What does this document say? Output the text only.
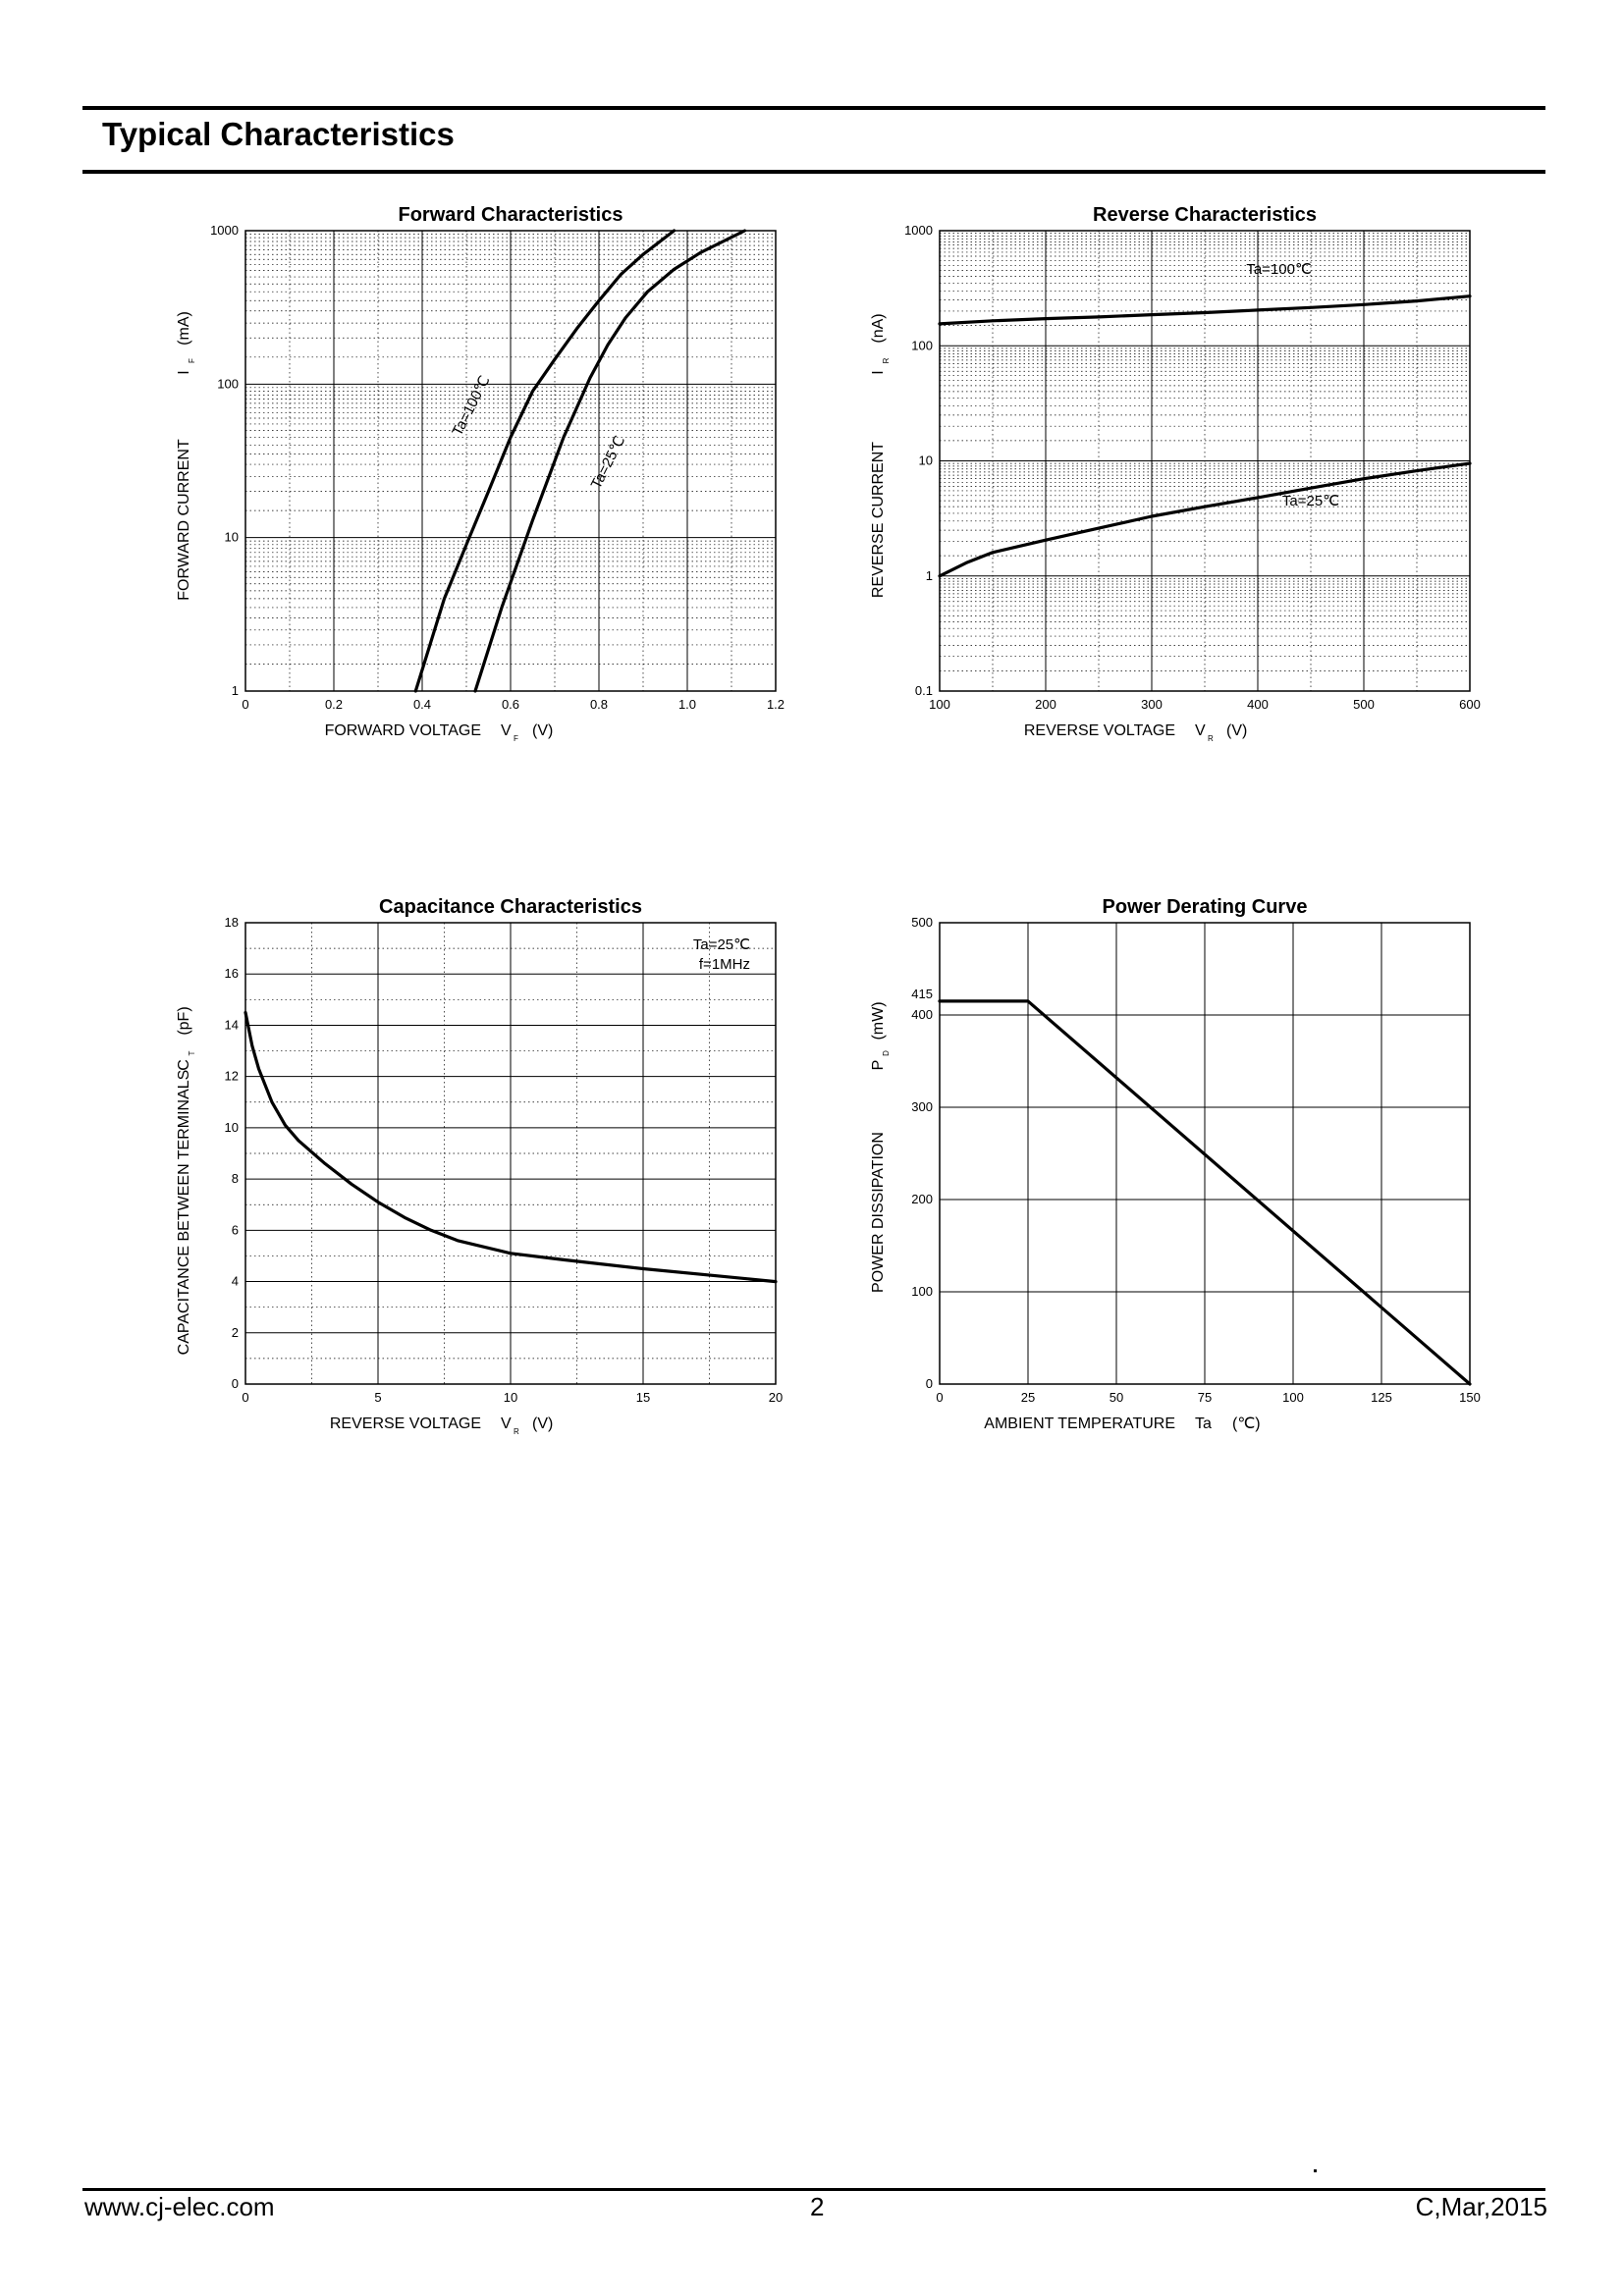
Typical Characteristics
0	0.2	0.4	0.6	0.8	1.0	1.2
1
10
100
1000
Forward Characteristics
FORWARD VOLTAGE V F (V)
FORWARD CURRENT
I
F
(mA)
Ta=100℃
Ta=25℃
100	200	300	400	500	600
0.1
1
10
100
1000
Reverse Characteristics
REVERSE VOLTAGE V R (V)
REVERSE CURRENT
I
R
(nA)
Ta=100℃
Ta=25℃
0	5	10	15	20
0
2
4
6
8
10
12
14
16
18
Capacitance Characteristics
REVERSE VOLTAGE V R (V)
CAPACITANCE BETWEEN TERMINALS
C
T
(pF)
Ta=25℃
f=1MHz
0	25	50	75	100	125	150
0
100
200
300
400
500
415
Power Derating Curve
AMBIENT TEMPERATURE Ta (℃)
POWER DISSIPATION
P
D
(mW)
www.cj-elec.com	2	C,Mar,2015
